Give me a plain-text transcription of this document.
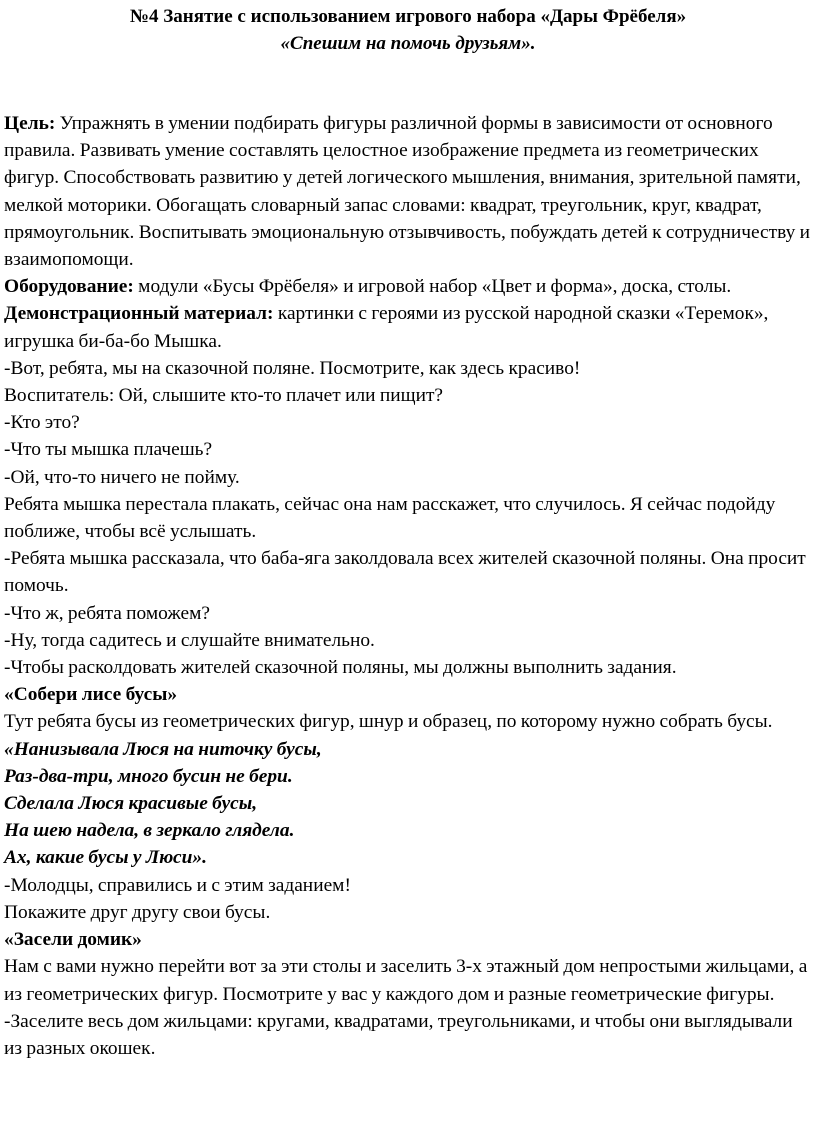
№4 Занятие с использованием игрового набора «Дары Фрёбеля»
«Спешим на помочь друзьям».

Цель: Упражнять в умении подбирать фигуры различной формы в зависимости от основного правила. Развивать умение составлять целостное изображение предмета из геометрических фигур. Способствовать развитию у детей логического мышления, внимания, зрительной памяти, мелкой моторики. Обогащать словарный запас словами: квадрат, треугольник, круг, квадрат, прямоугольник. Воспитывать эмоциональную отзывчивость, побуждать детей к сотрудничеству и взаимопомощи.

Оборудование: модули «Бусы Фрёбеля» и игровой набор «Цвет и форма», доска, столы.

Демонстрационный материал: картинки с героями из русской народной сказки «Теремок», игрушка би-ба-бо Мышка.

-Вот, ребята, мы на сказочной поляне. Посмотрите, как здесь красиво!

Воспитатель: Ой, слышите кто-то плачет или пищит?

-Кто это?

-Что ты мышка плачешь?

-Ой, что-то ничего не пойму.

Ребята мышка перестала плакать, сейчас она нам расскажет, что случилось. Я сейчас подойду поближе, чтобы всё услышать.

-Ребята мышка рассказала, что баба-яга заколдовала всех жителей сказочной поляны. Она просит помочь.

-Что ж, ребята поможем?

-Ну, тогда садитесь и слушайте внимательно.

-Чтобы расколдовать жителей сказочной поляны, мы должны выполнить задания.

«Собери лисе бусы»

Тут ребята бусы из геометрических фигур, шнур и образец, по которому нужно собрать бусы.

«Нанизывала Люся на ниточку бусы,

Раз-два-три, много бусин не бери.

Сделала Люся красивые бусы,

На шею надела, в зеркало глядела.

Ах, какие бусы у Люси».

-Молодцы, справились и с этим заданием!

Покажите друг другу свои бусы.

«Засели домик»

Нам с вами нужно перейти вот за эти столы и заселить 3-х этажный дом непростыми жильцами, а из геометрических фигур. Посмотрите у вас у каждого дом и разные геометрические фигуры.

-Заселите весь дом жильцами: кругами, квадратами, треугольниками, и чтобы они выглядывали из разных окошек.
